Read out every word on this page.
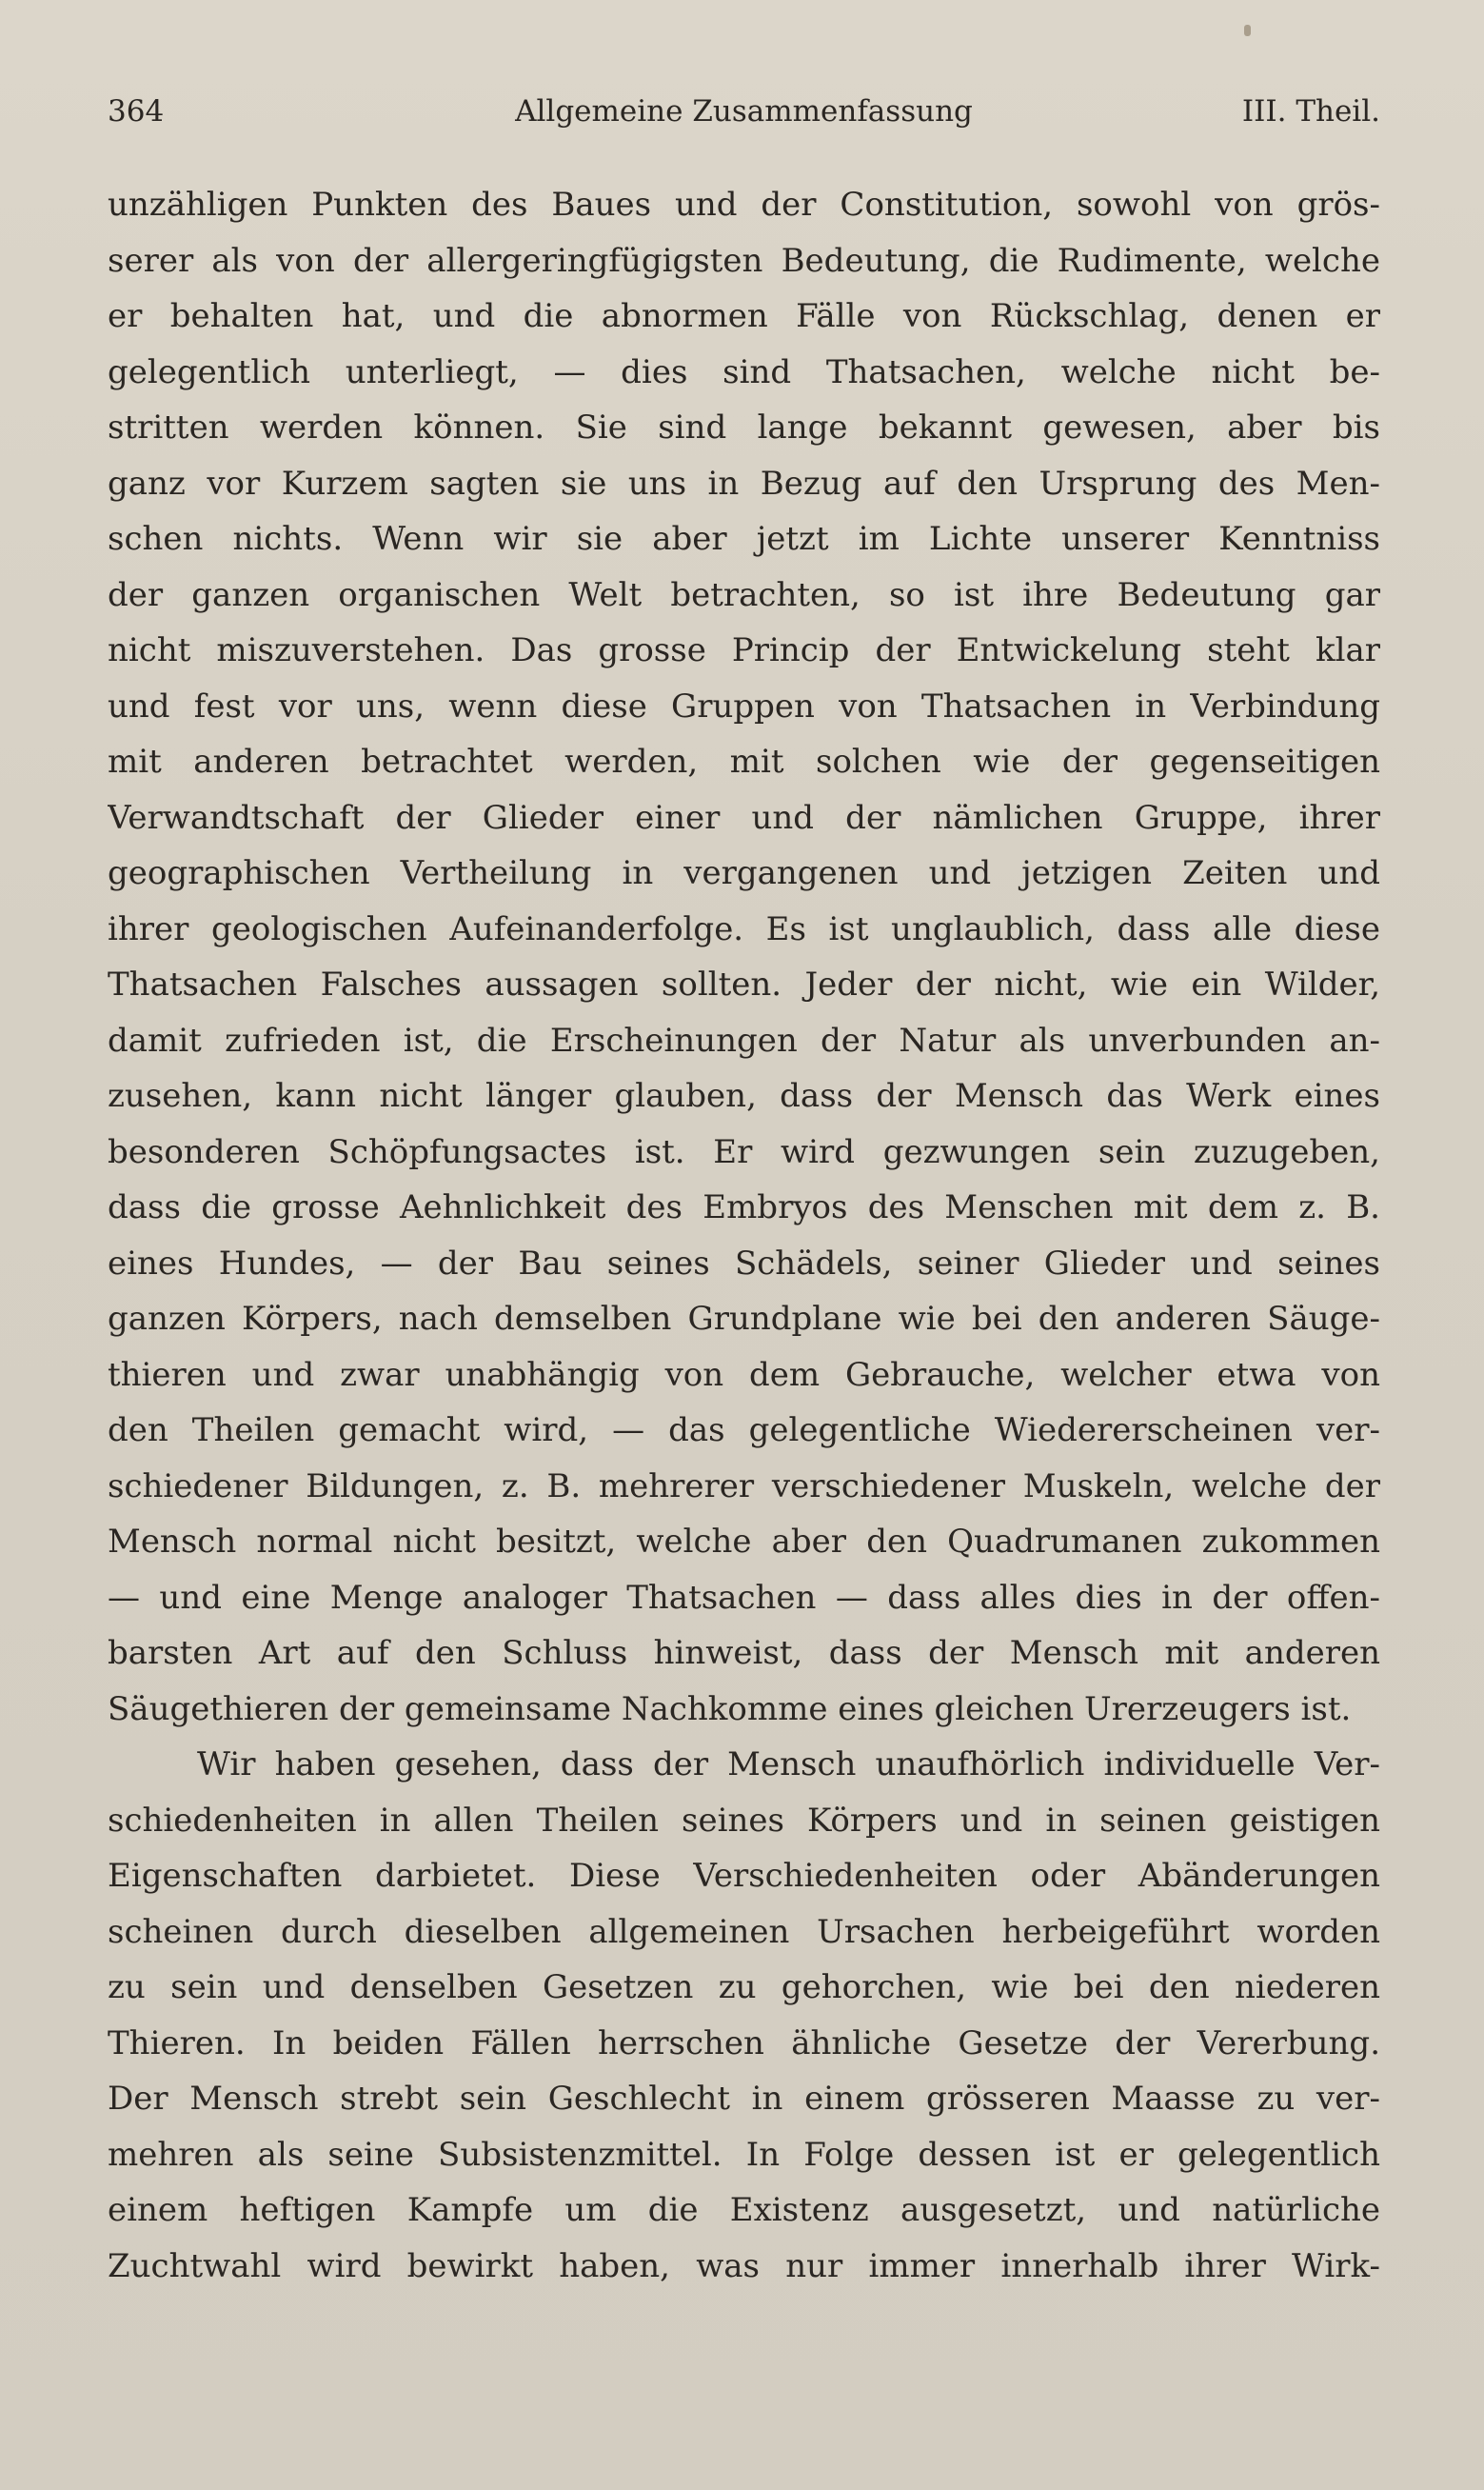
364	Allgemeine Zusammenfassung	III. Theil.
unzähligen Punkten des Baues und der Constitution, sowohl von grös-
serer als von der allergeringfügigsten Bedeutung, die Rudimente, welche
er behalten hat, und die abnormen Fälle von Rückschlag, denen er
gelegentlich unterliegt, — dies sind Thatsachen, welche nicht be-
stritten werden können. Sie sind lange bekannt gewesen, aber bis
ganz vor Kurzem sagten sie uns in Bezug auf den Ursprung des Men-
schen nichts. Wenn wir sie aber jetzt im Lichte unserer Kenntniss
der ganzen organischen Welt betrachten, so ist ihre Bedeutung gar
nicht miszuverstehen. Das grosse Princip der Entwickelung steht klar
und fest vor uns, wenn diese Gruppen von Thatsachen in Verbindung
mit anderen betrachtet werden, mit solchen wie der gegenseitigen
Verwandtschaft der Glieder einer und der nämlichen Gruppe, ihrer
geographischen Vertheilung in vergangenen und jetzigen Zeiten und
ihrer geologischen Aufeinanderfolge. Es ist unglaublich, dass alle diese
Thatsachen Falsches aussagen sollten. Jeder der nicht, wie ein Wilder,
damit zufrieden ist, die Erscheinungen der Natur als unverbunden an-
zusehen, kann nicht länger glauben, dass der Mensch das Werk eines
besonderen Schöpfungsactes ist. Er wird gezwungen sein zuzugeben,
dass die grosse Aehnlichkeit des Embryos des Menschen mit dem z. B.
eines Hundes, — der Bau seines Schädels, seiner Glieder und seines
ganzen Körpers, nach demselben Grundplane wie bei den anderen Säuge-
thieren und zwar unabhängig von dem Gebrauche, welcher etwa von
den Theilen gemacht wird, — das gelegentliche Wiedererscheinen ver-
schiedener Bildungen, z. B. mehrerer verschiedener Muskeln, welche der
Mensch normal nicht besitzt, welche aber den Quadrumanen zukommen
— und eine Menge analoger Thatsachen — dass alles dies in der offen-
barsten Art auf den Schluss hinweist, dass der Mensch mit anderen
Säugethieren der gemeinsame Nachkomme eines gleichen Urerzeugers ist.
Wir haben gesehen, dass der Mensch unaufhörlich individuelle Ver-
schiedenheiten in allen Theilen seines Körpers und in seinen geistigen
Eigenschaften darbietet. Diese Verschiedenheiten oder Abänderungen
scheinen durch dieselben allgemeinen Ursachen herbeigeführt worden
zu sein und denselben Gesetzen zu gehorchen, wie bei den niederen
Thieren. In beiden Fällen herrschen ähnliche Gesetze der Vererbung.
Der Mensch strebt sein Geschlecht in einem grösseren Maasse zu ver-
mehren als seine Subsistenzmittel. In Folge dessen ist er gelegentlich
einem heftigen Kampfe um die Existenz ausgesetzt, und natürliche
Zuchtwahl wird bewirkt haben, was nur immer innerhalb ihrer Wirk-
